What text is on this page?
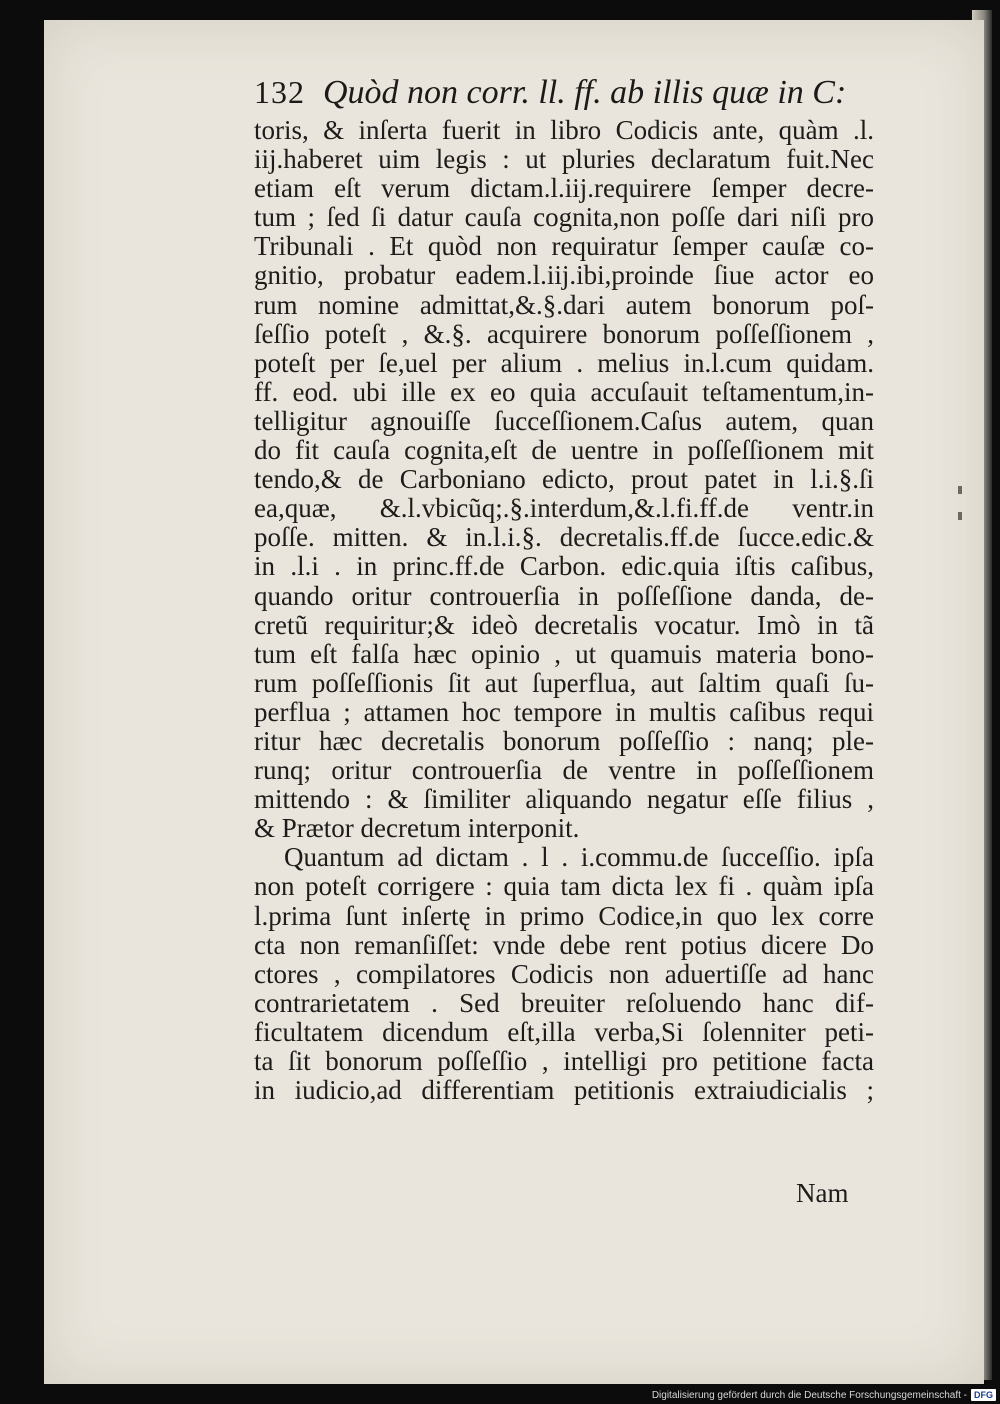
132 Quòd non corr. ll. ff. ab illis quæ in C:
toris, & inſerta fuerit in libro Codicis ante, quàm .l.
iij.haberet uim legis : ut pluries declaratum fuit.Nec
etiam eſt verum dictam.l.iij.requirere ſemper decre-
tum ; ſed ſi datur cauſa cognita,non poſſe dari niſi pro
Tribunali . Et quòd non requiratur ſemper cauſæ co-
gnitio, probatur eadem.l.iij.ibi,proinde ſiue actor eo
rum nomine admittat,&.§.dari autem bonorum poſ-
ſeſſio poteſt , &.§. acquirere bonorum poſſeſſionem ,
poteſt per ſe,uel per alium . melius in.l.cum quidam.
ff. eod. ubi ille ex eo quia accuſauit teſtamentum,in-
telligitur agnouiſſe ſucceſſionem.Caſus autem, quan
do fit cauſa cognita,eſt de uentre in poſſeſſionem mit
tendo,& de Carboniano edicto, prout patet in l.i.§.ſi
ea,quæ, &.l.vbicũq;.§.interdum,&.l.fi.ff.de ventr.in
poſſe. mitten. & in.l.i.§. decretalis.ff.de ſucce.edic.&
in .l.i . in princ.ff.de Carbon. edic.quia iſtis caſibus,
quando oritur controuerſia in poſſeſſione danda, de-
cretũ requiritur;& ideò decretalis vocatur. Imò in tã
tum eſt falſa hæc opinio , ut quamuis materia bono-
rum poſſeſſionis ſit aut ſuperflua, aut ſaltim quaſi ſu-
perflua ; attamen hoc tempore in multis caſibus requi
ritur hæc decretalis bonorum poſſeſſio : nanq; ple-
runq; oritur controuerſia de ventre in poſſeſſionem
mittendo : & ſimiliter aliquando negatur eſſe filius ,
& Prætor decretum interponit.
Quantum ad dictam . l . i.commu.de ſucceſſio. ipſa
non poteſt corrigere : quia tam dicta lex fi . quàm ipſa
l.prima ſunt inſertę in primo Codice,in quo lex corre
cta non remanſiſſet: vnde debe rent potius dicere Do
ctores , compilatores Codicis non aduertiſſe ad hanc
contrarietatem . Sed breuiter reſoluendo hanc dif-
ficultatem dicendum eſt,illa verba,Si ſolenniter peti-
ta ſit bonorum poſſeſſio , intelligi pro petitione facta
in iudicio,ad differentiam petitionis extraiudicialis ;
Nam
Digitalisierung gefördert durch die Deutsche Forschungsgemeinschaft - DFG
